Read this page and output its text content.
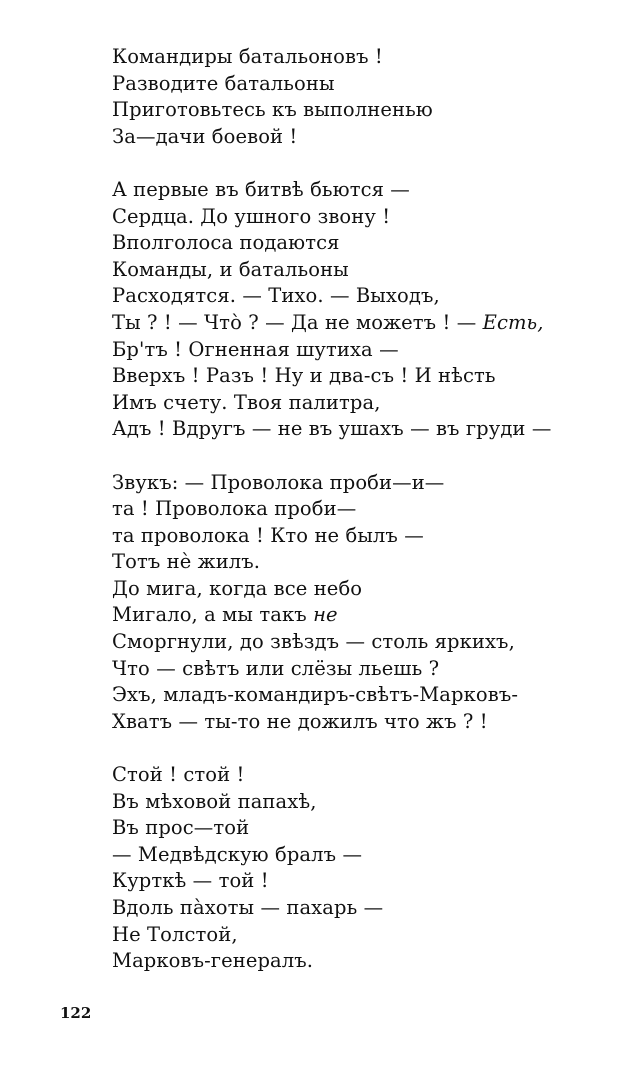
Командиры батальоновъ !
Разводите батальоны
Приготовьтесь къ выполненью
За—дачи боевой !
А первые въ битвѣ бьются —
Сердца. До ушного звону !
Вполголоса подаются
Команды, и батальоны
Расходятся. — Тихо. — Выходъ,
Ты ? ! — Что̀ ? — Да не можетъ ! — Есть,
Бр'тъ ! Огненная шутиха —
Вверхъ ! Разъ ! Ну и два-съ ! И нѣсть
Имъ счету. Твоя палитра,
Адъ ! Вдругъ — не въ ушахъ — въ груди —
Звукъ: — Проволока проби—и—
та ! Проволока проби—
та проволока ! Кто не былъ —
Тотъ нѐ жилъ.
До мига, когда все небо
Мигало, а мы такъ не
Сморгнули, до звѣздъ — столь яркихъ,
Что — свѣтъ или слёзы льешь ?
Эхъ, младъ-командиръ-свѣтъ-Марковъ-
Хватъ — ты-то не дожилъ что жъ ? !
Стой ! стой !
Въ мѣховой папахѣ,
Въ прос—той
— Медвѣдскую бралъ —
Курткѣ — той !
Вдоль пàхоты — пахарь —
Не Толстой,
Марковъ-генералъ.
122
